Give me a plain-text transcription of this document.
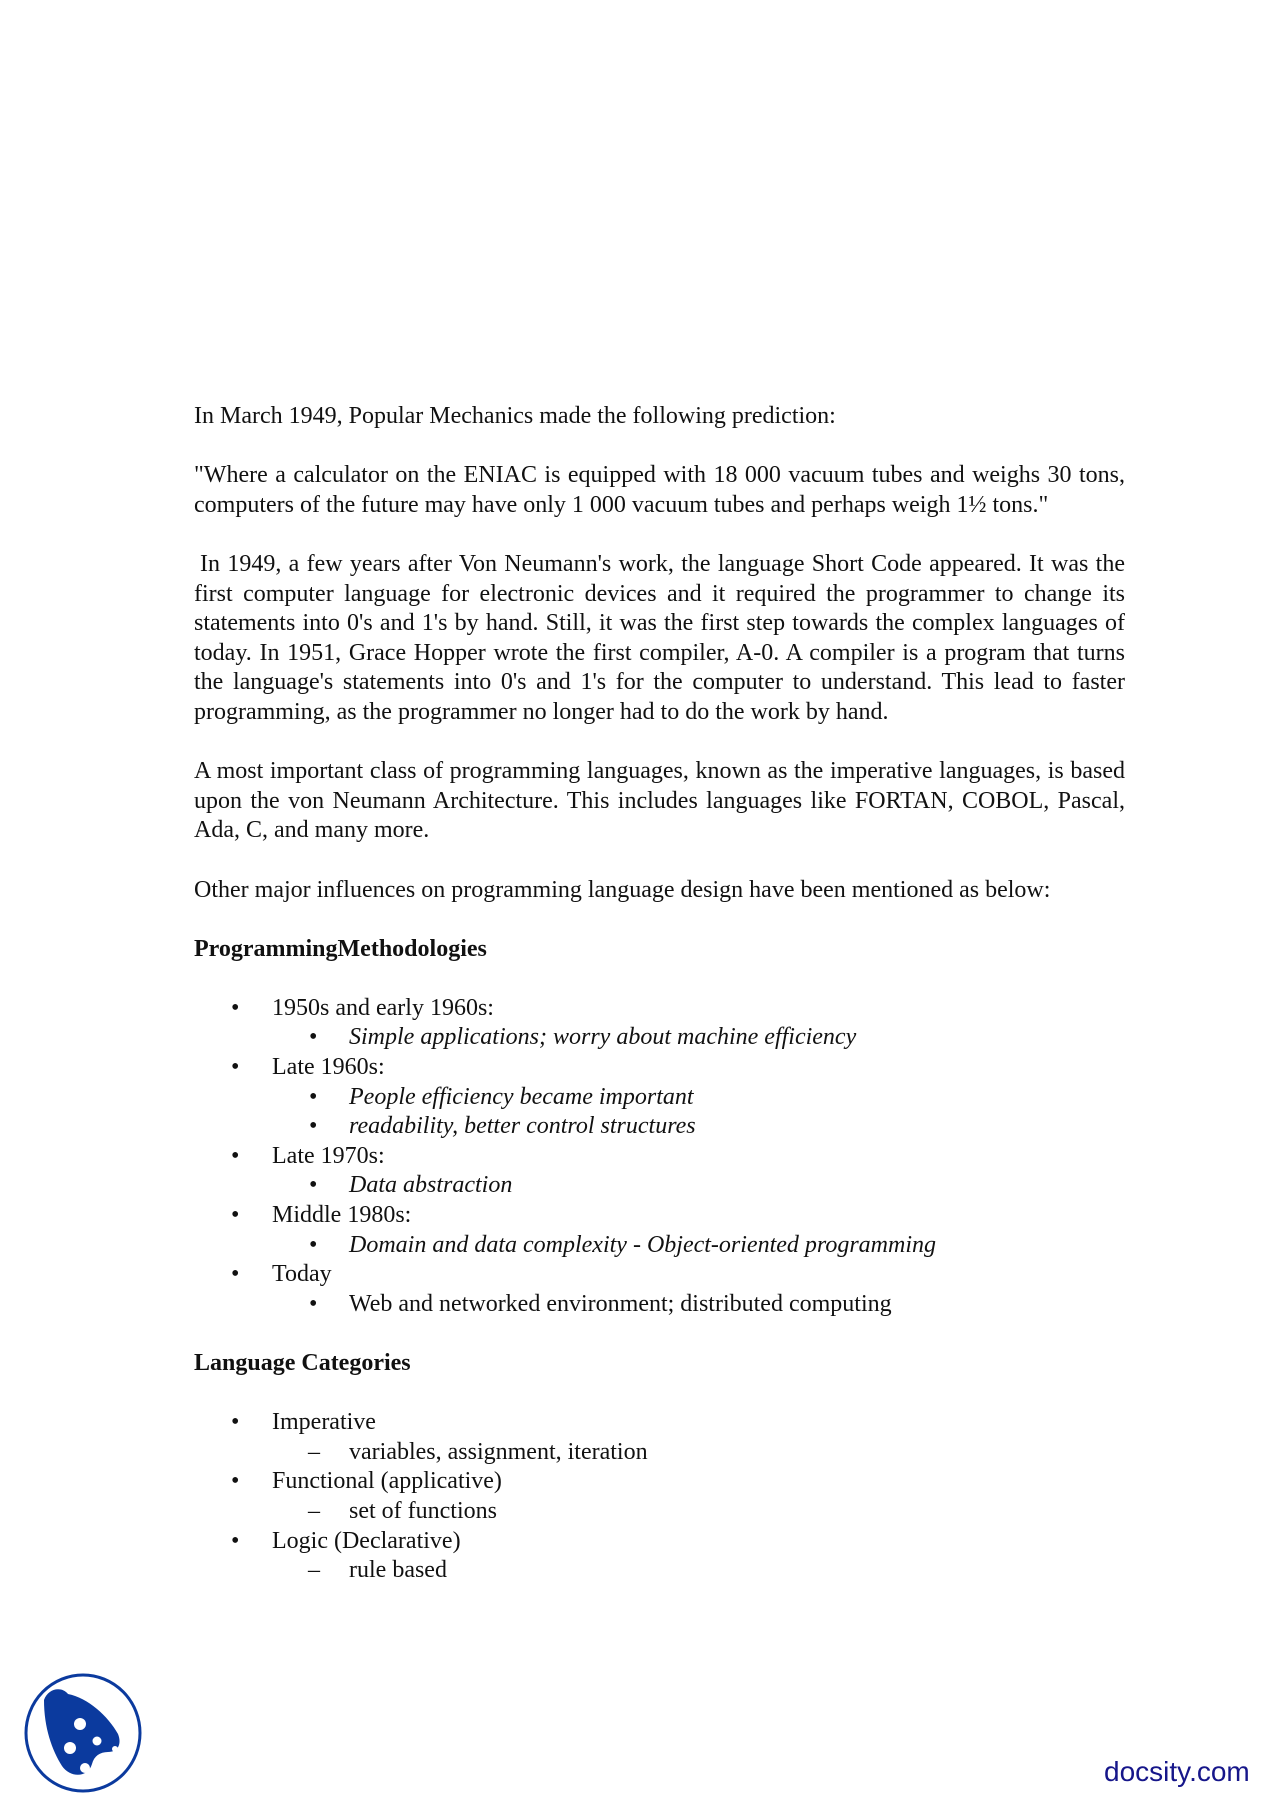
In March 1949, Popular Mechanics made the following prediction:

"Where a calculator on the ENIAC is equipped with 18 000 vacuum tubes and weighs 30 tons, computers of the future may have only 1 000 vacuum tubes and perhaps weigh 1½ tons."

In 1949, a few years after Von Neumann's work, the language Short Code appeared. It was the first computer language for electronic devices and it required the programmer to change its statements into 0's and 1's by hand. Still, it was the first step towards the complex languages of today. In 1951, Grace Hopper wrote the first compiler, A-0. A compiler is a program that turns the language's statements into 0's and 1's for the computer to understand. This lead to faster programming, as the programmer no longer had to do the work by hand.

A most important class of programming languages, known as the imperative languages, is based upon the von Neumann Architecture. This includes languages like FORTAN, COBOL, Pascal, Ada, C, and many more.

Other major influences on programming language design have been mentioned as below:

ProgrammingMethodologies
• 1950s and early 1960s:
• Simple applications; worry about machine efficiency
• Late 1960s:
• People efficiency became important
• readability, better control structures
• Late 1970s:
• Data abstraction
• Middle 1980s:
• Domain and data complexity - Object-oriented programming
• Today
• Web and networked environment; distributed computing
Language Categories
• Imperative
– variables, assignment, iteration
• Functional (applicative)
– set of functions
• Logic (Declarative)
– rule based
docsity.com
